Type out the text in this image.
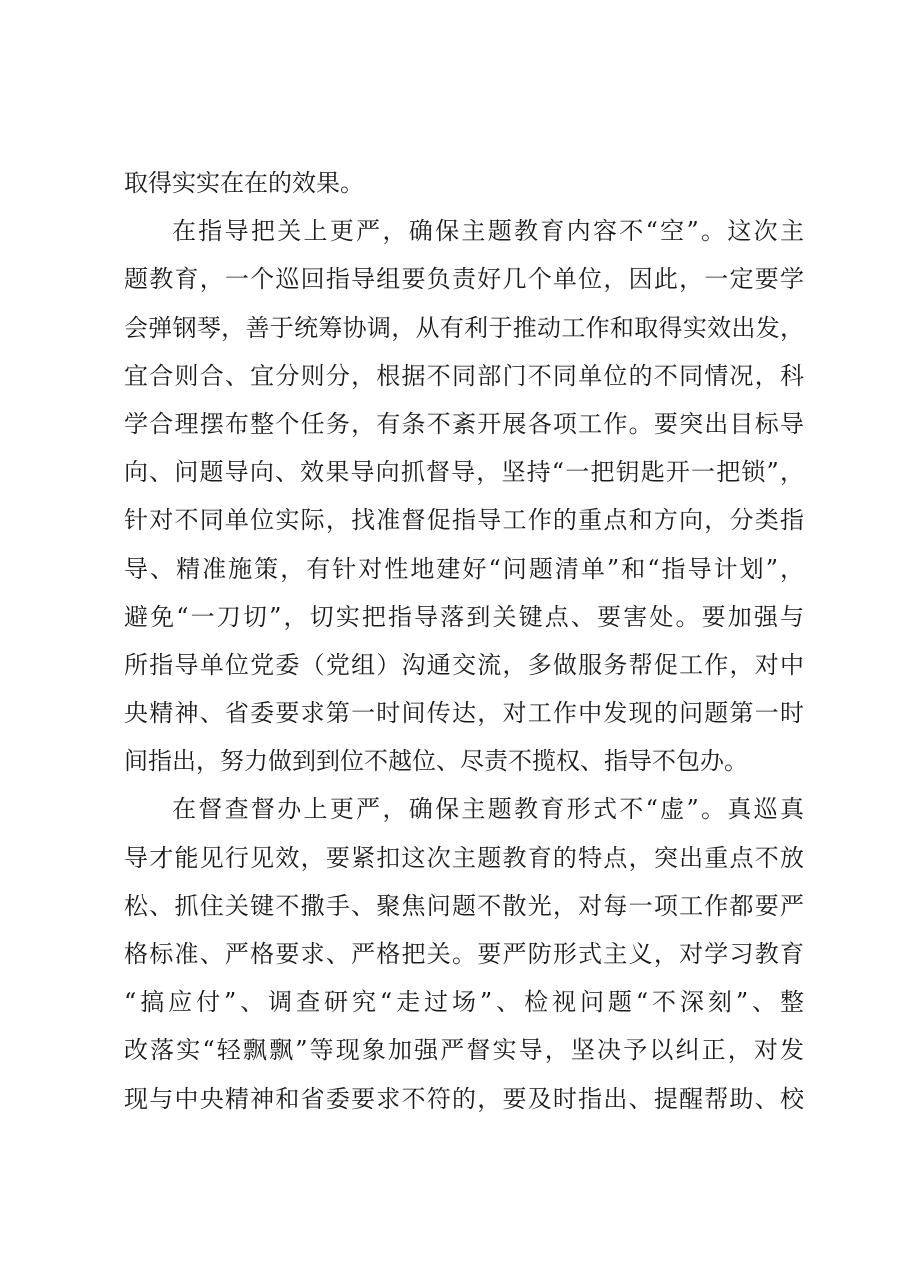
取得实实在在的效果。
在指导把关上更严，确保主题教育内容不“空”。这次主
题教育，一个巡回指导组要负责好几个单位，因此，一定要学
会弹钢琴，善于统筹协调，从有利于推动工作和取得实效出发，
宜合则合、宜分则分，根据不同部门不同单位的不同情况，科
学合理摆布整个任务，有条不紊开展各项工作。要突出目标导
向、问题导向、效果导向抓督导，坚持“一把钥匙开一把锁”，
针对不同单位实际，找准督促指导工作的重点和方向，分类指
导、精准施策，有针对性地建好“问题清单”和“指导计划”，
避免“一刀切”，切实把指导落到关键点、要害处。要加强与
所指导单位党委（党组）沟通交流，多做服务帮促工作，对中
央精神、省委要求第一时间传达，对工作中发现的问题第一时
间指出，努力做到到位不越位、尽责不揽权、指导不包办。
在督查督办上更严，确保主题教育形式不“虚”。真巡真
导才能见行见效，要紧扣这次主题教育的特点，突出重点不放
松、抓住关键不撒手、聚焦问题不散光，对每一项工作都要严
格标准、严格要求、严格把关。要严防形式主义，对学习教育
“搞应付”、调查研究“走过场”、检视问题“不深刻”、整
改落实“轻飘飘”等现象加强严督实导，坚决予以纠正，对发
现与中央精神和省委要求不符的，要及时指出、提醒帮助、校
